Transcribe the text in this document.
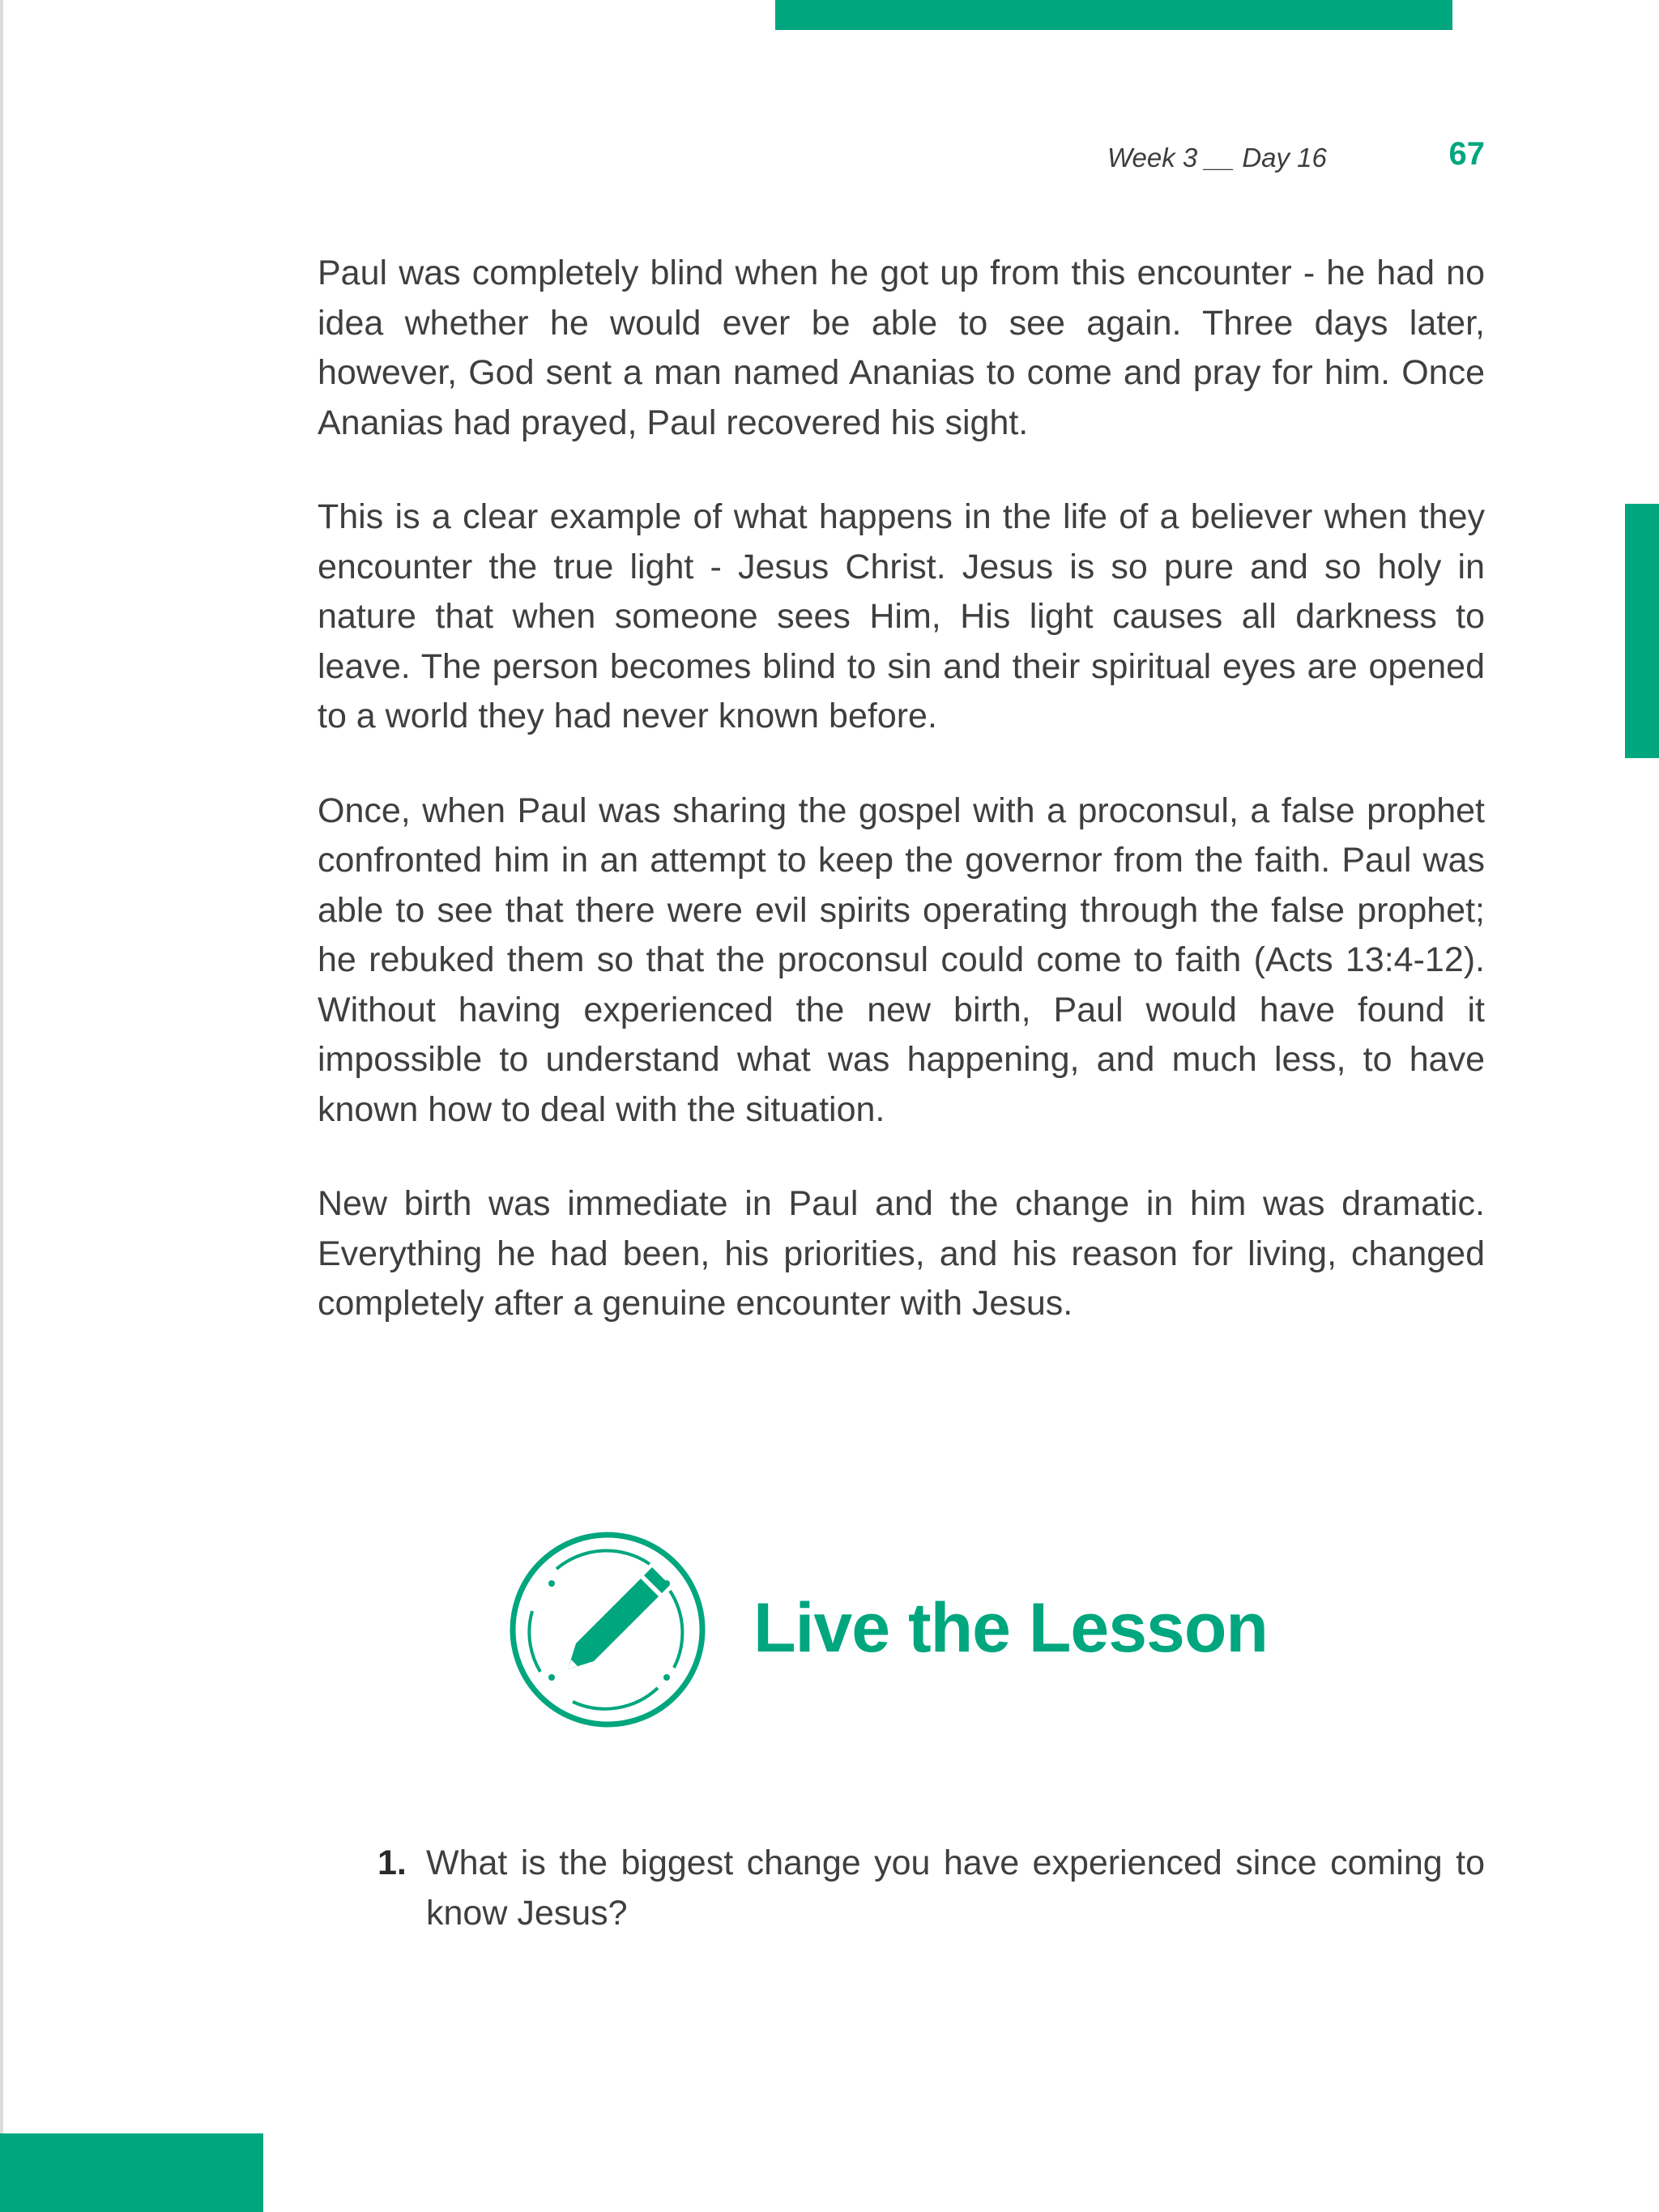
Week 3 __ Day 16	67

Paul was completely blind when he got up from this encounter - he had no idea whether he would ever be able to see again. Three days later, however, God sent a man named Ananias to come and pray for him. Once Ananias had prayed, Paul recovered his sight.

This is a clear example of what happens in the life of a believer when they encounter the true light - Jesus Christ. Jesus is so pure and so holy in nature that when someone sees Him, His light causes all darkness to leave. The person becomes blind to sin and their spiritual eyes are opened to a world they had never known before.

Once, when Paul was sharing the gospel with a proconsul, a false prophet confronted him in an attempt to keep the governor from the faith. Paul was able to see that there were evil spirits operating through the false prophet; he rebuked them so that the proconsul could come to faith (Acts 13:4-12). Without having experienced the new birth, Paul would have found it impossible to understand what was happening, and much less, to have known how to deal with the situation.

New birth was immediate in Paul and the change in him was dramatic. Everything he had been, his priorities, and his reason for living, changed completely after a genuine encounter with Jesus.

Live the Lesson
1. What is the biggest change you have experienced since coming to know Jesus?
